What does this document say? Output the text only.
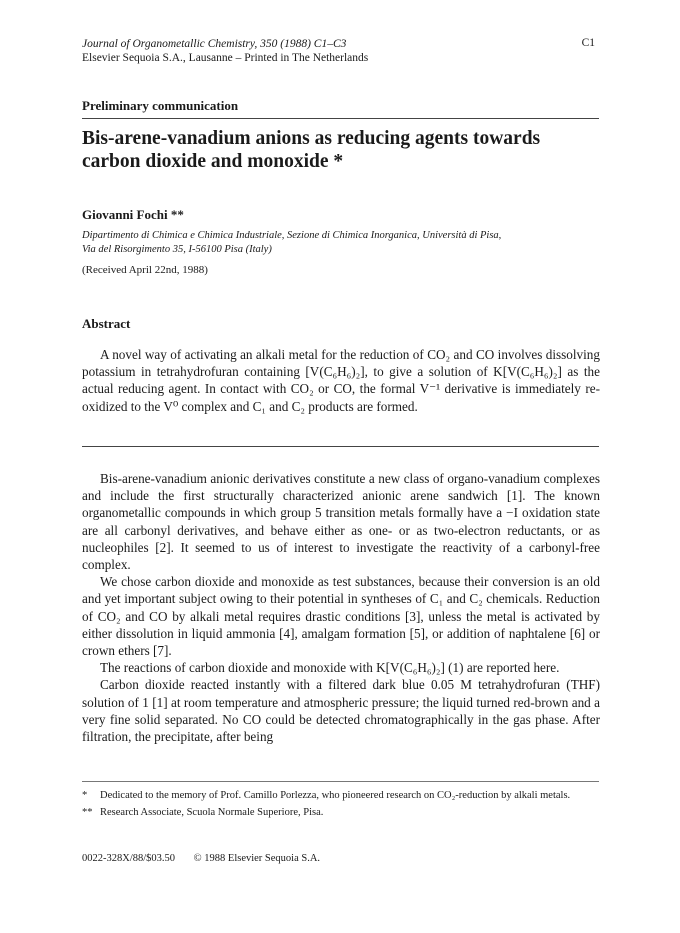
Journal of Organometallic Chemistry, 350 (1988) C1–C3
Elsevier Sequoia S.A., Lausanne – Printed in The Netherlands
C1
Preliminary communication
Bis-arene-vanadium anions as reducing agents towards carbon dioxide and monoxide *
Giovanni Fochi **
Dipartimento di Chimica e Chimica Industriale, Sezione di Chimica Inorganica, Università di Pisa,
Via del Risorgimento 35, I-56100 Pisa (Italy)
(Received April 22nd, 1988)
Abstract

A novel way of activating an alkali metal for the reduction of CO₂ and CO involves dissolving potassium in tetrahydrofuran containing [V(C₆H₆)₂], to give a solution of K[V(C₆H₆)₂] as the actual reducing agent. In contact with CO₂ or CO, the formal V⁻¹ derivative is immediately re-oxidized to the V⁰ complex and C₁ and C₂ products are formed.

Bis-arene-vanadium anionic derivatives constitute a new class of organo-vanadium complexes and include the first structurally characterized anionic arene sandwich [1]. The known organometallic compounds in which group 5 transition metals formally have a −I oxidation state are all carbonyl derivatives, and behave either as one- or as two-electron reductants, or as nucleophiles [2]. It seemed to us of interest to investigate the reactivity of a carbonyl-free complex.

We chose carbon dioxide and monoxide as test substances, because their conversion is an old and yet important subject owing to their potential in syntheses of C₁ and C₂ chemicals. Reduction of CO₂ and CO by alkali metal requires drastic conditions [3], unless the metal is activated by either dissolution in liquid ammonia [4], amalgam formation [5], or addition of naphtalene [6] or crown ethers [7].

The reactions of carbon dioxide and monoxide with K[V(C₆H₆)₂] (1) are reported here.

Carbon dioxide reacted instantly with a filtered dark blue 0.05 M tetrahydrofuran (THF) solution of 1 [1] at room temperature and atmospheric pressure; the liquid turned red-brown and a very fine solid separated. No CO could be detected chromatographically in the gas phase. After filtration, the precipitate, after being

* Dedicated to the memory of Prof. Camillo Porlezza, who pioneered research on CO₂-reduction by alkali metals.
** Research Associate, Scuola Normale Superiore, Pisa.
0022-328X/88/$03.50 © 1988 Elsevier Sequoia S.A.
